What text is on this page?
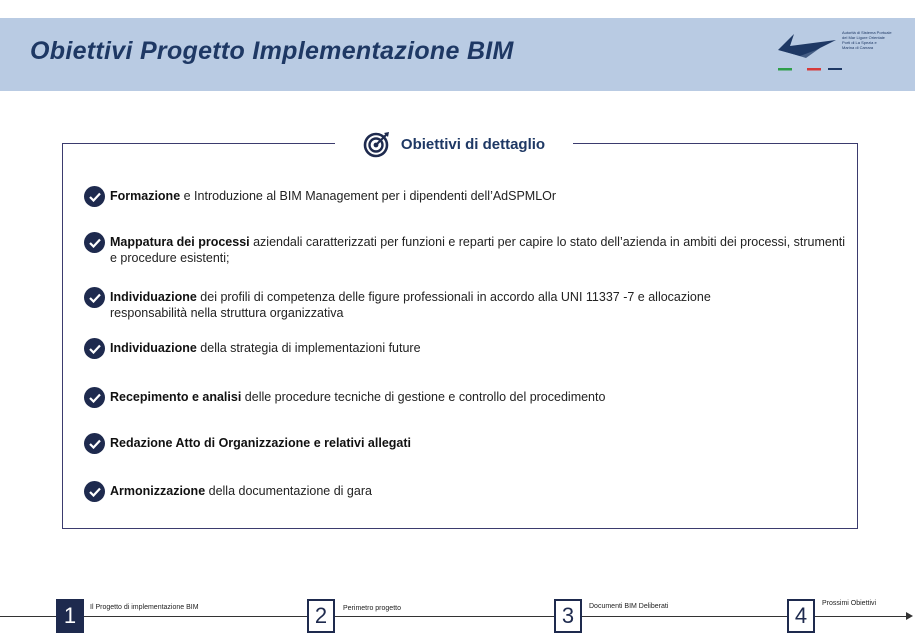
Obiettivi Progetto Implementazione BIM
Autorità di Sistema Portuale
del Mar Ligure Orientale
Porti di La Spezia e
Marina di Carrara
Obiettivi di dettaglio
Formazione e Introduzione al BIM Management per i dipendenti dell’AdSPMLOr
Mappatura dei processi aziendali caratterizzati per funzioni e reparti per capire lo stato dell’azienda in ambiti dei processi, strumenti e procedure esistenti;
Individuazione dei profili di competenza delle figure professionali in accordo alla UNI 11337 -7 e allocazione responsabilità nella struttura organizzativa
Individuazione della strategia di implementazioni future
Recepimento e analisi delle procedure tecniche di gestione e controllo del procedimento
Redazione Atto di Organizzazione e relativi allegati
Armonizzazione della documentazione di gara
1	Il Progetto di implementazione BIM	2	Perimetro progetto	3	Documenti BIM Deliberati	4	Prossimi Obiettivi
